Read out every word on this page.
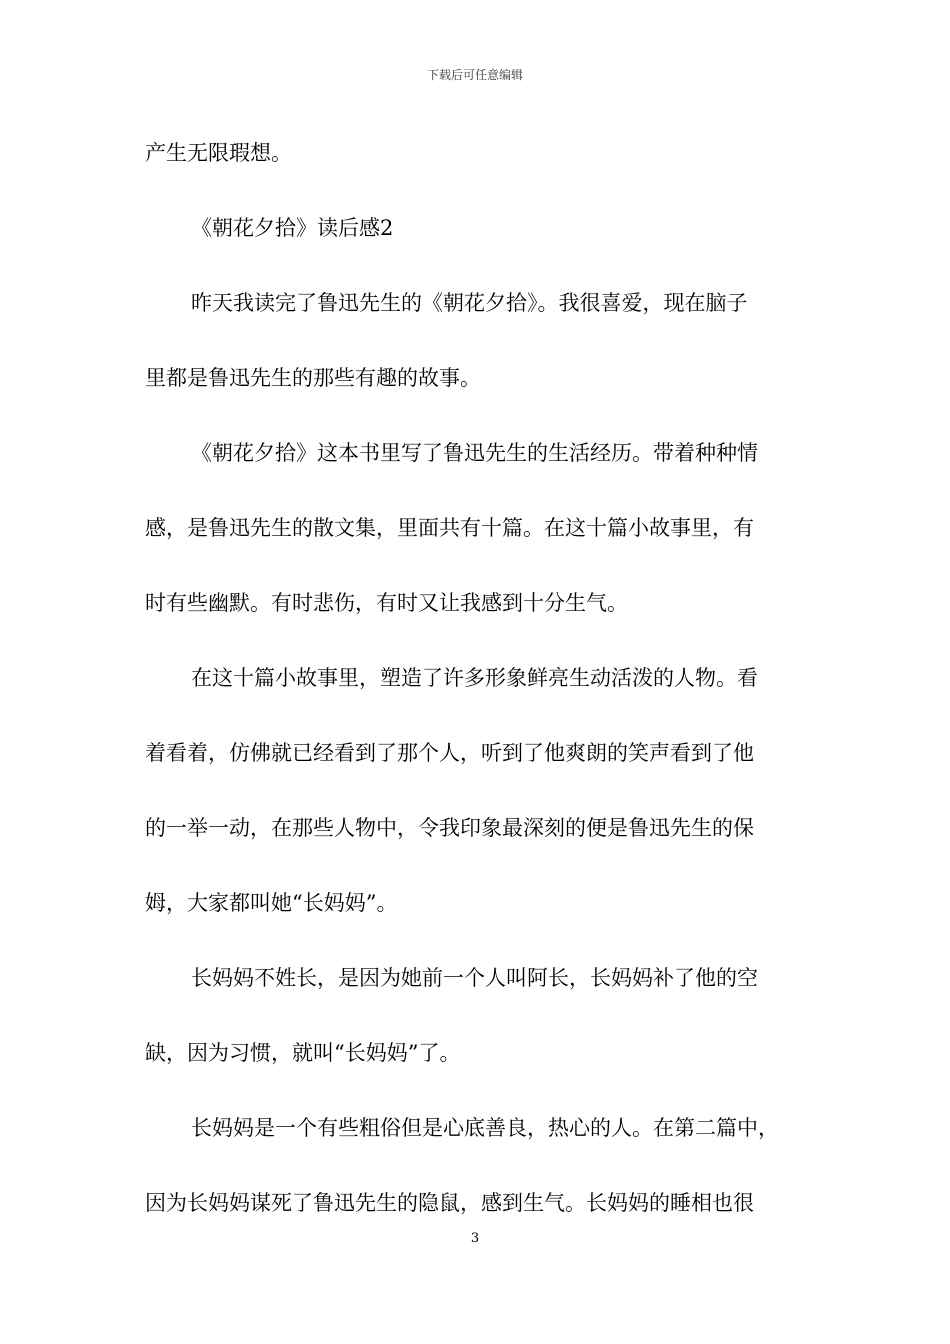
下载后可任意编辑
产生无限瑕想。
《朝花夕拾》读后感2
昨天我读完了鲁迅先生的《朝花夕拾》。我很喜爱，现在脑子
里都是鲁迅先生的那些有趣的故事。
《朝花夕拾》这本书里写了鲁迅先生的生活经历。带着种种情
感，是鲁迅先生的散文集，里面共有十篇。在这十篇小故事里，有
时有些幽默。有时悲伤，有时又让我感到十分生气。
在这十篇小故事里，塑造了许多形象鲜亮生动活泼的人物。看
着看着，仿佛就已经看到了那个人，听到了他爽朗的笑声看到了他
的一举一动，在那些人物中，令我印象最深刻的便是鲁迅先生的保
姆，大家都叫她“长妈妈”。
长妈妈不姓长，是因为她前一个人叫阿长，长妈妈补了他的空
缺，因为习惯，就叫“长妈妈”了。
长妈妈是一个有些粗俗但是心底善良，热心的人。在第二篇中，
因为长妈妈谋死了鲁迅先生的隐鼠，感到生气。长妈妈的睡相也很
3
